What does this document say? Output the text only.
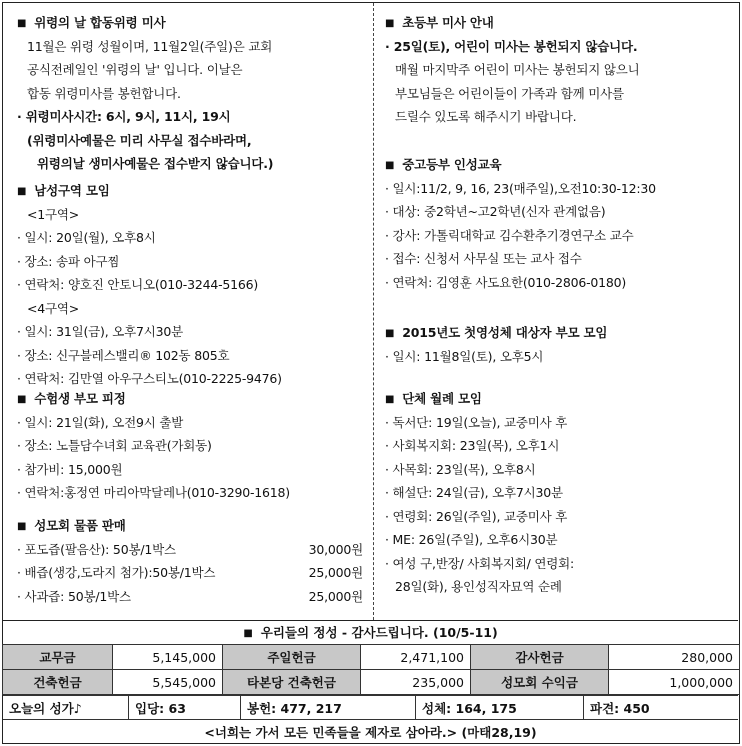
■ 위령의 날 합동위령 미사
11월은 위령 성월이며, 11월2일(주일)은 교회
공식전례일인 '위령의 날' 입니다. 이날은
합동 위령미사를 봉헌합니다.
· 위령미사시간: 6시, 9시, 11시, 19시
(위령미사예물은 미리 사무실 접수바라며,
위령의날 생미사예물은 접수받지 않습니다.)
■ 남성구역 모임
<1구역>
· 일시: 20일(월), 오후8시
· 장소: 송파 아구찜
· 연락처: 양호진 안토니오(010-3244-5166)
<4구역>
· 일시: 31일(금), 오후7시30분
· 장소: 신구블레스밸리® 102동 805호
· 연락처: 김만열 아우구스티노(010-2225-9476)
■ 수험생 부모 피정
· 일시: 21일(화), 오전9시 출발
· 장소: 노틀담수녀회 교육관(가회동)
· 참가비: 15,000원
· 연락처:홍정연 마리아막달레나(010-3290-1618)
■ 성모회 물품 판매
· 포도즙(팔음산): 50봉/1박스	30,000원
· 배즙(생강,도라지 첨가):50봉/1박스	25,000원
· 사과즙: 50봉/1박스	25,000원
■ 초등부 미사 안내
· 25일(토), 어린이 미사는 봉헌되지 않습니다.
매월 마지막주 어린이 미사는 봉헌되지 않으니
부모님들은 어린이들이 가족과 함께 미사를
드릴수 있도록 해주시기 바랍니다.
■ 중고등부 인성교육
· 일시:11/2, 9, 16, 23(매주일),오전10:30-12:30
· 대상: 중2학년~고2학년(신자 관계없음)
· 강사: 가톨릭대학교 김수환추기경연구소 교수
· 접수: 신청서 사무실 또는 교사 접수
· 연락처: 김영훈 사도요한(010-2806-0180)
■ 2015년도 첫영성체 대상자 부모 모임
· 일시: 11월8일(토), 오후5시
■ 단체 월례 모임
· 독서단: 19일(오늘), 교중미사 후
· 사회복지회: 23일(목), 오후1시
· 사목회: 23일(목), 오후8시
· 해설단: 24일(금), 오후7시30분
· 연령회: 26일(주일), 교중미사 후
· ME: 26일(주일), 오후6시30분
· 여성 구,반장/ 사회복지회/ 연령회:
28일(화), 용인성직자묘역 순례
■ 우리들의 정성 - 감사드립니다. (10/5-11)
교무금	5,145,000	주일헌금	2,471,100	감사헌금	280,000
건축헌금	5,545,000	타본당 건축헌금	235,000	성모회 수익금	1,000,000
오늘의 성가♪	입당: 63	봉헌: 477, 217	성체: 164, 175	파견: 450
<너희는 가서 모든 민족들을 제자로 삼아라.> (마태28,19)
